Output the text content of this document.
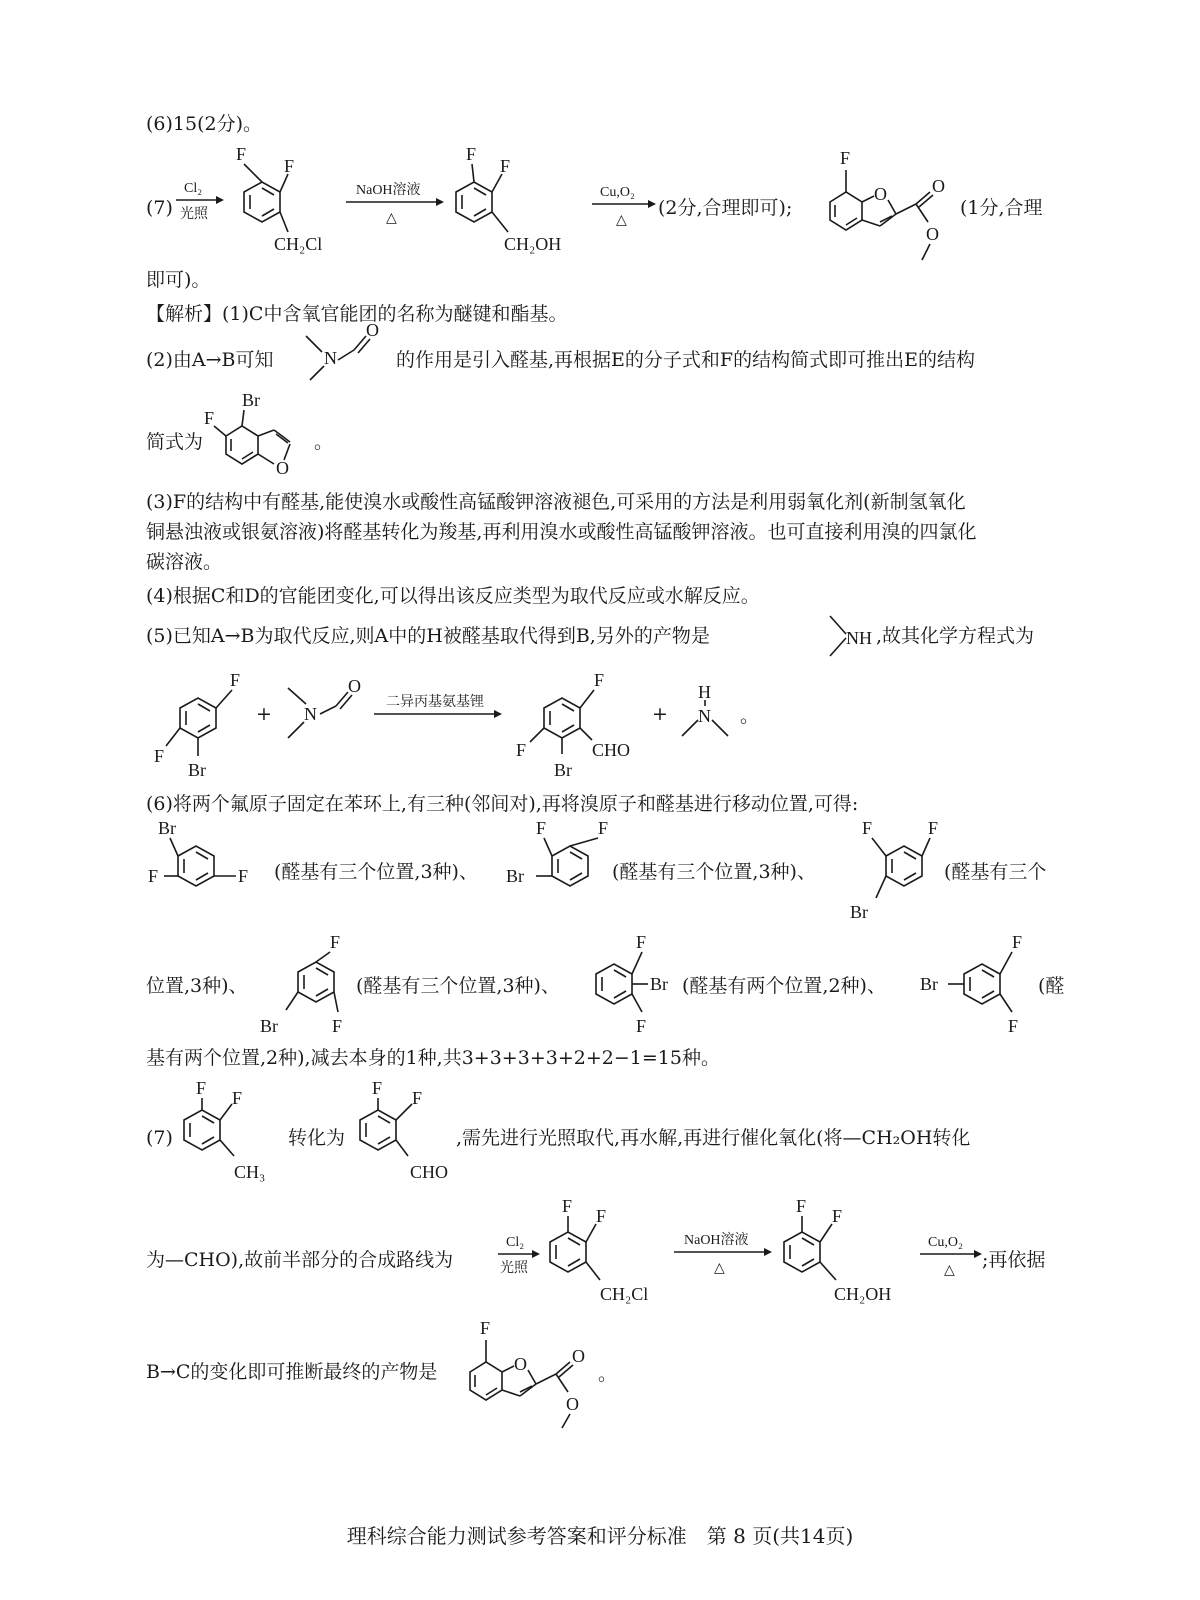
(6)15(2分)。
(7)
Cl₂
光照
F
F
CH₂Cl
NaOH溶液
△
F
F
CH₂OH
Cu,O₂
△
(2分,合理即可);
F
O	O
O
(1分,合理
即可)。
【解析】(1)C中含氧官能团的名称为醚键和酯基。
(2)由A→B可知	N
O
的作用是引入醛基,再根据E的分子式和F的结构简式即可推出E的结构
简式为
Br
F
O
。
(3)F的结构中有醛基,能使溴水或酸性高锰酸钾溶液褪色,可采用的方法是利用弱氧化剂(新制氢氧化
铜悬浊液或银氨溶液)将醛基转化为羧基,再利用溴水或酸性高锰酸钾溶液。也可直接利用溴的四氯化
碳溶液。
(4)根据C和D的官能团变化,可以得出该反应类型为取代反应或水解反应。
(5)已知A→B为取代反应,则A中的H被醛基取代得到B,另外的产物是	NH ,故其化学方程式为
F
F
Br
+ N
O
二异丙基氨基锂
F
F
Br
CHO
+
H
N 。
(6)将两个氟原子固定在苯环上,有三种(邻间对),再将溴原子和醛基进行移动位置,可得:
Br
F	F (醛基有三个位置,3种)、
F	F
Br	(醛基有三个位置,3种)、
F	F
Br
(醛基有三个
位置,3种)、
F
Br	F
(醛基有三个位置,3种)、
F
F
Br (醛基有两个位置,2种)、
F
F
Br	(醛
基有两个位置,2种),减去本身的1种,共3+3+3+3+2+2−1=15种。
(7)
F F
CH₃
转化为
F F
CHO
,需先进行光照取代,再水解,再进行催化氧化(将—CH₂OH转化
为—CHO),故前半部分的合成路线为
Cl₂
光照
F F
CH₂Cl
NaOH溶液
△
F F
CH₂OH
Cu,O₂
△ ;再依据
B→C的变化即可推断最终的产物是
F
O	O
O
。
理科综合能力测试参考答案和评分标准　第 8 页(共14页)
